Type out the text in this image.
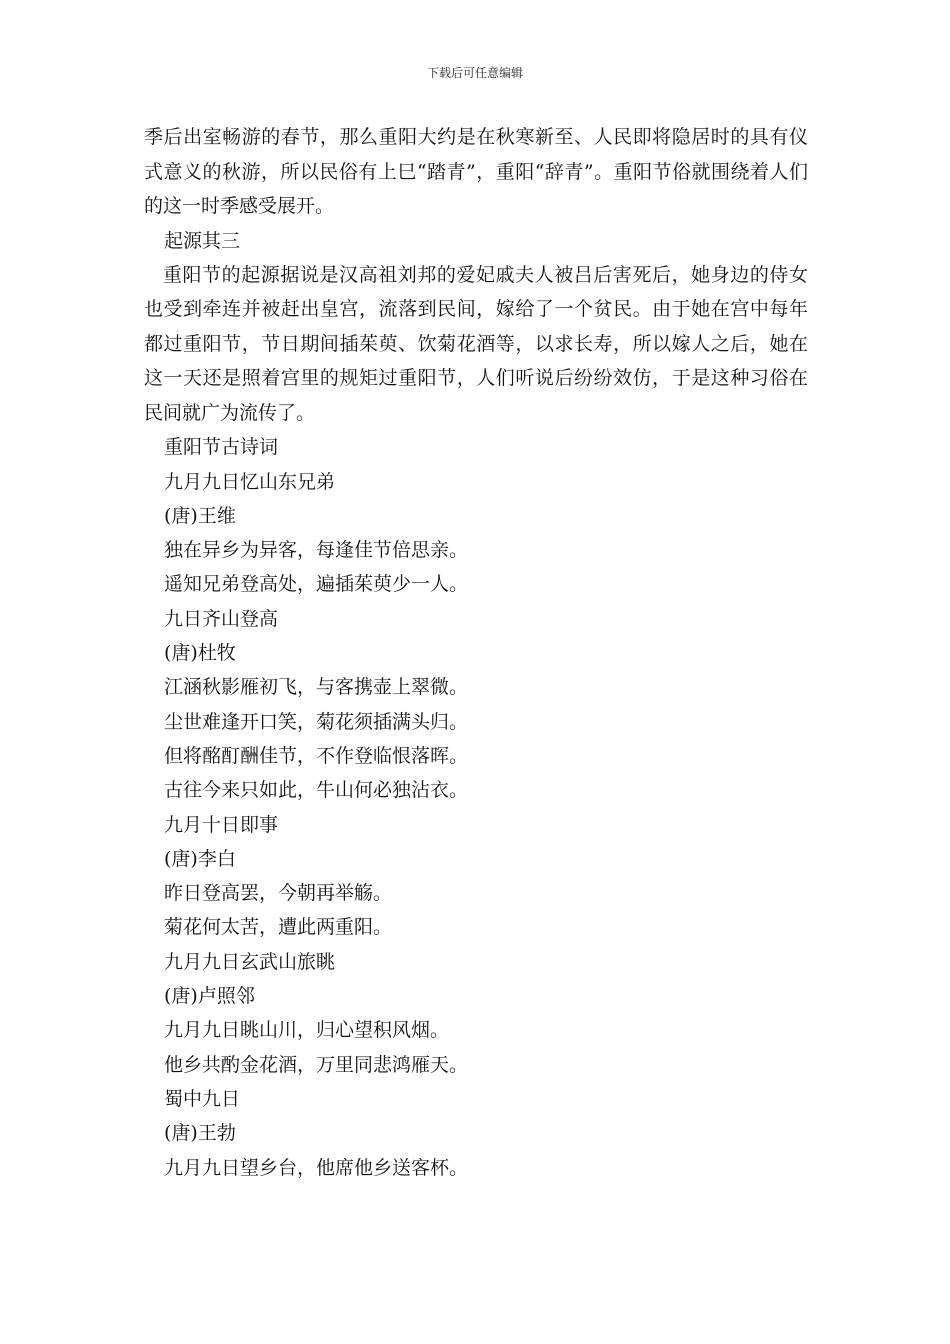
下载后可任意编辑

季后出室畅游的春节，那么重阳大约是在秋寒新至、人民即将隐居时的具有仪式意义的秋游，所以民俗有上巳“踏青”，重阳“辞青”。重阳节俗就围绕着人们的这一时季感受展开。

起源其三

重阳节的起源据说是汉高祖刘邦的爱妃戚夫人被吕后害死后，她身边的侍女也受到牵连并被赶出皇宫，流落到民间，嫁给了一个贫民。由于她在宫中每年都过重阳节，节日期间插茱萸、饮菊花酒等，以求长寿，所以嫁人之后，她在这一天还是照着宫里的规矩过重阳节，人们听说后纷纷效仿，于是这种习俗在民间就广为流传了。

重阳节古诗词

九月九日忆山东兄弟

(唐)王维

独在异乡为异客，每逢佳节倍思亲。

遥知兄弟登高处，遍插茱萸少一人。

九日齐山登高

(唐)杜牧

江涵秋影雁初飞，与客携壶上翠微。

尘世难逢开口笑，菊花须插满头归。

但将酩酊酬佳节，不作登临恨落晖。

古往今来只如此，牛山何必独沾衣。

九月十日即事

(唐)李白

昨日登高罢，今朝再举觞。

菊花何太苦，遭此两重阳。

九月九日玄武山旅眺

(唐)卢照邻

九月九日眺山川，归心望积风烟。

他乡共酌金花酒，万里同悲鸿雁天。

蜀中九日

(唐)王勃

九月九日望乡台，他席他乡送客杯。
